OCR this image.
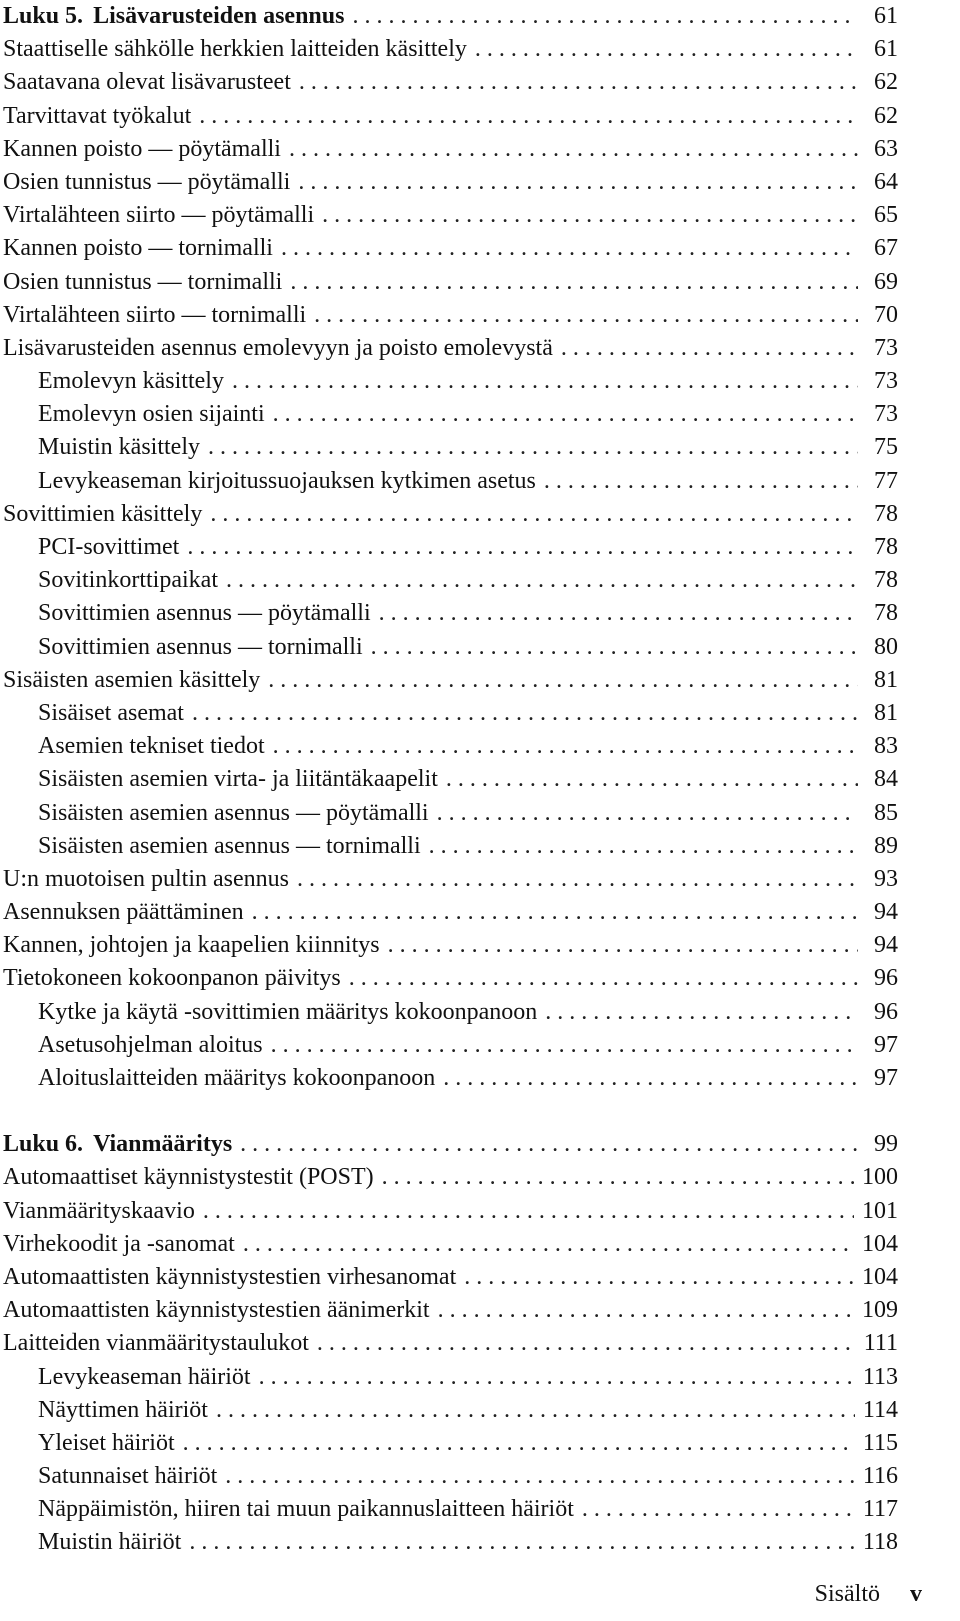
Luku 5. Lisävarusteiden asennus . . .	61
Staattiselle sähkölle herkkien laitteiden käsittely . . .	61
Saatavana olevat lisävarusteet . . .	62
Tarvittavat työkalut . . .	62
Kannen poisto — pöytämalli . . .	63
Osien tunnistus — pöytämalli . . .	64
Virtalähteen siirto — pöytämalli . . .	65
Kannen poisto — tornimalli . . .	67
Osien tunnistus — tornimalli . . .	69
Virtalähteen siirto — tornimalli . . .	70
Lisävarusteiden asennus emolevyyn ja poisto emolevystä . . .	73
Emolevyn käsittely . . .	73
Emolevyn osien sijainti . . .	73
Muistin käsittely . . .	75
Levykeaseman kirjoitussuojauksen kytkimen asetus . . .	77
Sovittimien käsittely . . .	78
PCI-sovittimet . . .	78
Sovitinkorttipaikat . . .	78
Sovittimien asennus — pöytämalli . . .	78
Sovittimien asennus — tornimalli . . .	80
Sisäisten asemien käsittely . . .	81
Sisäiset asemat . . .	81
Asemien tekniset tiedot . . .	83
Sisäisten asemien virta- ja liitäntäkaapelit . . .	84
Sisäisten asemien asennus — pöytämalli . . .	85
Sisäisten asemien asennus — tornimalli . . .	89
U:n muotoisen pultin asennus . . .	93
Asennuksen päättäminen . . .	94
Kannen, johtojen ja kaapelien kiinnitys . . .	94
Tietokoneen kokoonpanon päivitys . . .	96
Kytke ja käytä -sovittimien määritys kokoonpanoon . . .	96
Asetusohjelman aloitus . . .	97
Aloituslaitteiden määritys kokoonpanoon . . .	97
Luku 6. Vianmääritys . . .	99
Automaattiset käynnistystestit (POST) . . .	100
Vianmäärityskaavio . . .	101
Virhekoodit ja -sanomat . . .	104
Automaattisten käynnistystestien virhesanomat . . .	104
Automaattisten käynnistystestien äänimerkit . . .	109
Laitteiden vianmääritystaulukot . . .	111
Levykeaseman häiriöt . . .	113
Näyttimen häiriöt . . .	114
Yleiset häiriöt . . .	115
Satunnaiset häiriöt . . .	116
Näppäimistön, hiiren tai muun paikannuslaitteen häiriöt . . .	117
Muistin häiriöt . . .	118
Sisältö v
